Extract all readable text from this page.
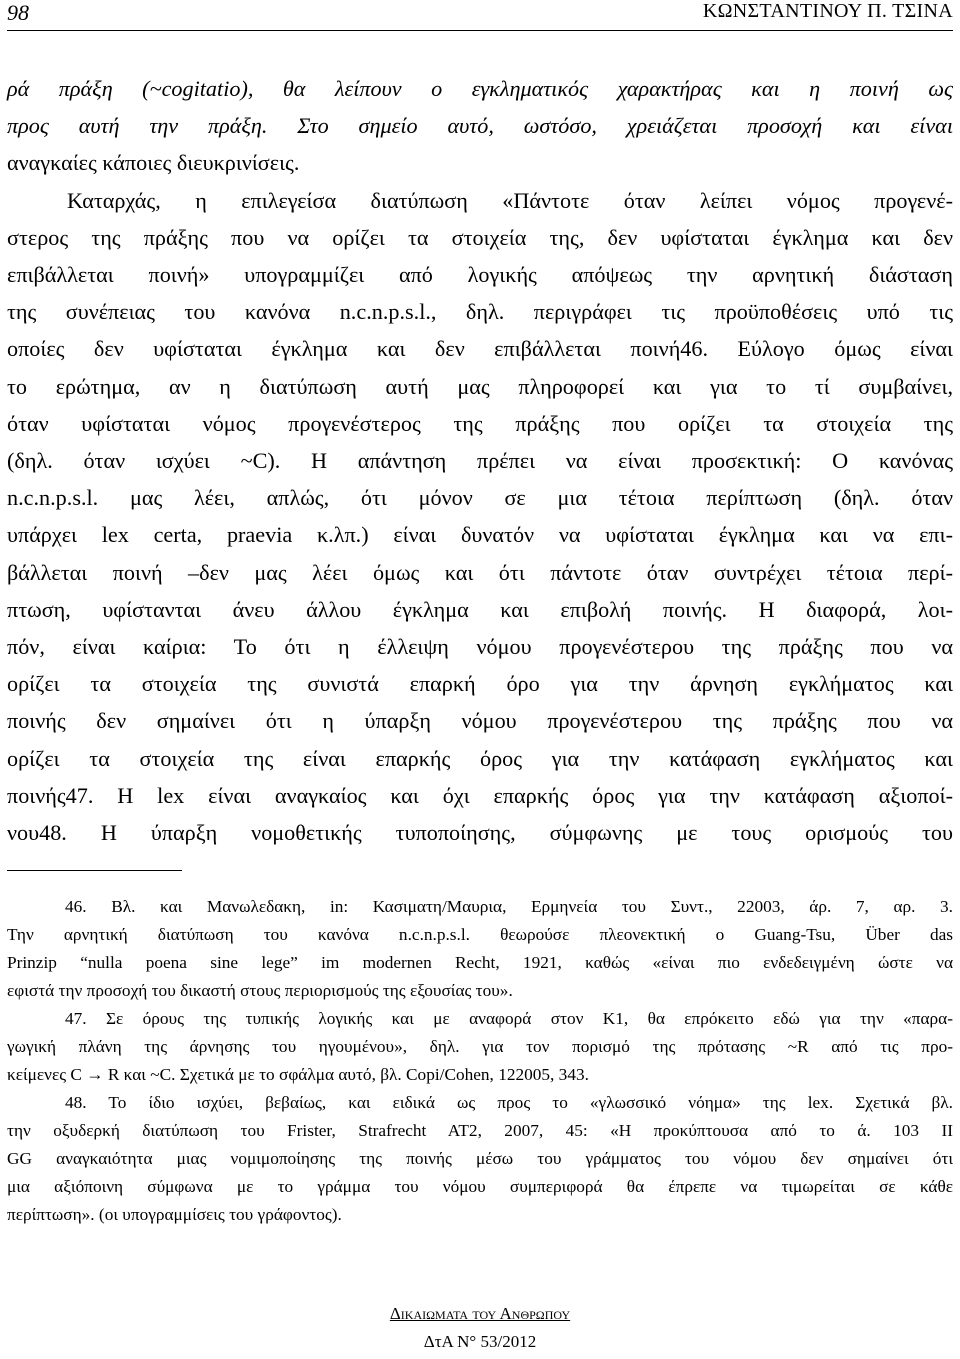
98	ΚΩΝΣΤΑΝΤΙΝΟΥ Π. ΤΣΙΝΑ

ρά πράξη (~cogitatio), θα λείπουν ο εγκληματικός χαρακτήρας και η ποινή ως

προς αυτή την πράξη. Στο σημείο αυτό, ωστόσο, χρειάζεται προσοχή και είναι

αναγκαίες κάποιες διευκρινίσεις.

Καταρχάς, η επιλεγείσα διατύπωση «Πάντοτε όταν λείπει νόμος προγενέ-

στερος της πράξης που να ορίζει τα στοιχεία της, δεν υφίσταται έγκλημα και δεν

επιβάλλεται ποινή» υπογραμμίζει από λογικής απόψεως την αρνητική διάσταση

της συνέπειας του κανόνα n.c.n.p.s.l., δηλ. περιγράφει τις προϋποθέσεις υπό τις

οποίες δεν υφίσταται έγκλημα και δεν επιβάλλεται ποινή46. Εύλογο όμως είναι

το ερώτημα, αν η διατύπωση αυτή μας πληροφορεί και για το τί συμβαίνει,

όταν υφίσταται νόμος προγενέστερος της πράξης που ορίζει τα στοιχεία της

(δηλ. όταν ισχύει ~C). Η απάντηση πρέπει να είναι προσεκτική: Ο κανόνας

n.c.n.p.s.l. μας λέει, απλώς, ότι μόνον σε μια τέτοια περίπτωση (δηλ. όταν

υπάρχει lex certa, praevia κ.λπ.) είναι δυνατόν να υφίσταται έγκλημα και να επι-

βάλλεται ποινή –δεν μας λέει όμως και ότι πάντοτε όταν συντρέχει τέτοια περί-

πτωση, υφίστανται άνευ άλλου έγκλημα και επιβολή ποινής. Η διαφορά, λοι-

πόν, είναι καίρια: Το ότι η έλλειψη νόμου προγενέστερου της πράξης που να

ορίζει τα στοιχεία της συνιστά επαρκή όρο για την άρνηση εγκλήματος και

ποινής δεν σημαίνει ότι η ύπαρξη νόμου προγενέστερου της πράξης που να

ορίζει τα στοιχεία της είναι επαρκής όρος για την κατάφαση εγκλήματος και

ποινής47. Η lex είναι αναγκαίος και όχι επαρκής όρος για την κατάφαση αξιοποί-

νου48. Η ύπαρξη νομοθετικής τυποποίησης, σύμφωνης με τους ορισμούς του

46. Βλ. και Μανωλεδακη, in: Κασιματη/Μαυρια, Ερμηνεία του Συντ., 22003, άρ. 7, αρ. 3.

Την αρνητική διατύπωση του κανόνα n.c.n.p.s.l. θεωρούσε πλεονεκτική ο Guang-Tsu, Über das

Prinzip “nulla poena sine lege” im modernen Recht, 1921, καθώς «είναι πιο ενδεδειγμένη ώστε να

εφιστά την προσοχή του δικαστή στους περιορισμούς της εξουσίας του».

47. Σε όρους της τυπικής λογικής και με αναφορά στον K1, θα επρόκειτο εδώ για την «παρα-

γωγική πλάνη της άρνησης του ηγουμένου», δηλ. για τον πορισμό της πρότασης ~R από τις προ-

κείμενες C → R και ~C. Σχετικά με το σφάλμα αυτό, βλ. Copi/Cohen, 122005, 343.

48. Το ίδιο ισχύει, βεβαίως, και ειδικά ως προς το «γλωσσικό νόημα» της lex. Σχετικά βλ.

την οξυδερκή διατύπωση του Frister, Strafrecht AT2, 2007, 45: «Η προκύπτουσα από το ά. 103 II

GG αναγκαιότητα μιας νομιμοποίησης της ποινής μέσω του γράμματος του νόμου δεν σημαίνει ότι

μια αξιόποινη σύμφωνα με το γράμμα του νόμου συμπεριφορά θα έπρεπε να τιμωρείται σε κάθε

περίπτωση». (οι υπογραμμίσεις του γράφοντος).

Δικαιωματα του Ανθρωπου
ΔτΑ Ν° 53/2012
